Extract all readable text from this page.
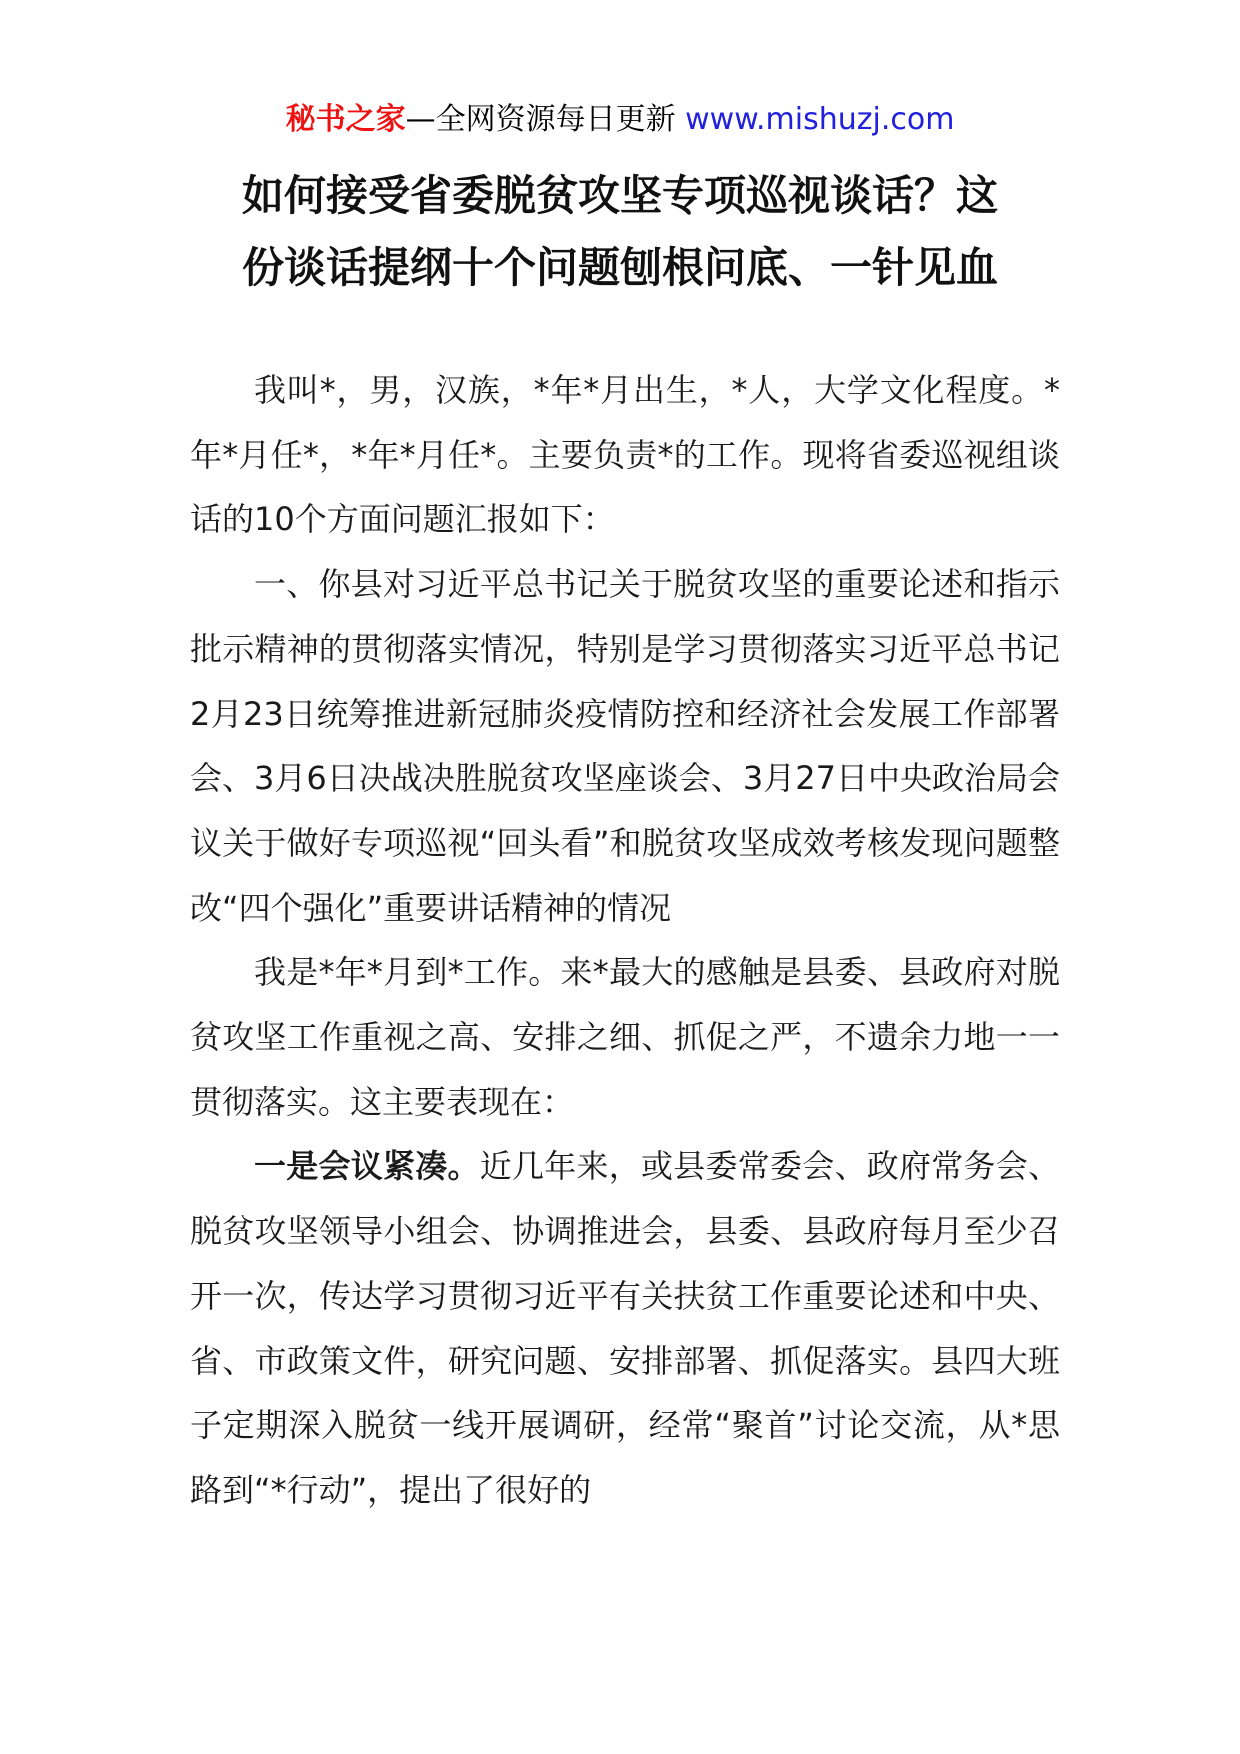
秘书之家—全网资源每日更新 www.mishuzj.com
如何接受省委脱贫攻坚专项巡视谈话？这
份谈话提纲十个问题刨根问底、一针见血

我叫*，男，汉族，*年*月出生，*人，大学文化程度。*年*月任*，*年*月任*。主要负责*的工作。现将省委巡视组谈话的10个方面问题汇报如下：

一、你县对习近平总书记关于脱贫攻坚的重要论述和指示批示精神的贯彻落实情况，特别是学习贯彻落实习近平总书记2月23日统筹推进新冠肺炎疫情防控和经济社会发展工作部署会、3月6日决战决胜脱贫攻坚座谈会、3月27日中央政治局会议关于做好专项巡视“回头看”和脱贫攻坚成效考核发现问题整改“四个强化”重要讲话精神的情况

我是*年*月到*工作。来*最大的感触是县委、县政府对脱贫攻坚工作重视之高、安排之细、抓促之严，不遗余力地一一贯彻落实。这主要表现在：

一是会议紧凑。近几年来，或县委常委会、政府常务会、脱贫攻坚领导小组会、协调推进会，县委、县政府每月至少召开一次，传达学习贯彻习近平有关扶贫工作重要论述和中央、省、市政策文件，研究问题、安排部署、抓促落实。县四大班子定期深入脱贫一线开展调研，经常“聚首”讨论交流，从*思路到“*行动”，提出了很好的
